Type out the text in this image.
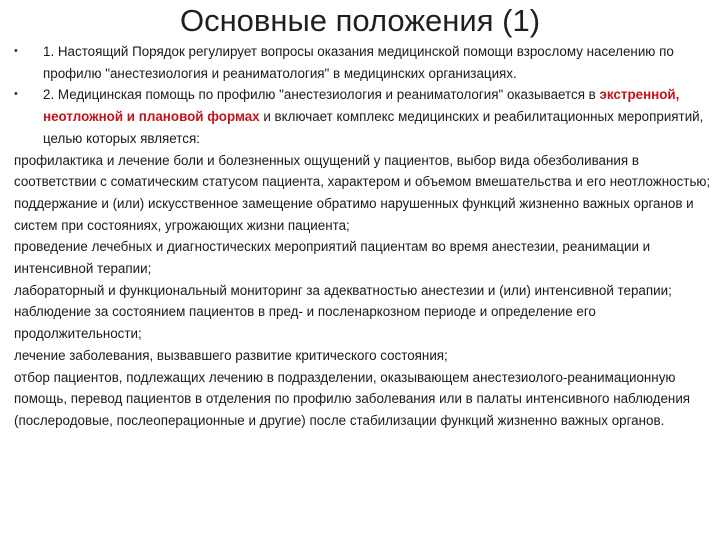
Основные положения (1)
•	1. Настоящий Порядок регулирует вопросы оказания медицинской помощи взрослому населению по профилю "анестезиология и реаниматология" в медицинских организациях.
•	2. Медицинская помощь по профилю "анестезиология и реаниматология" оказывается в экстренной, неотложной и плановой формах и включает комплекс медицинских и реабилитационных мероприятий, целью которых является:

профилактика и лечение боли и болезненных ощущений у пациентов, выбор вида обезболивания в соответствии с соматическим статусом пациента, характером и объемом вмешательства и его неотложностью;

поддержание и (или) искусственное замещение обратимо нарушенных функций жизненно важных органов и систем при состояниях, угрожающих жизни пациента;

проведение лечебных и диагностических мероприятий пациентам во время анестезии, реанимации и интенсивной терапии;

лабораторный и функциональный мониторинг за адекватностью анестезии и (или) интенсивной терапии;

наблюдение за состоянием пациентов в пред- и посленаркозном периоде и определение его продолжительности;

лечение заболевания, вызвавшего развитие критического состояния;

отбор пациентов, подлежащих лечению в подразделении, оказывающем анестезиолого-реанимационную помощь, перевод пациентов в отделения по профилю заболевания или в палаты интенсивного наблюдения (послеродовые, послеоперационные и другие) после стабилизации функций жизненно важных органов.
